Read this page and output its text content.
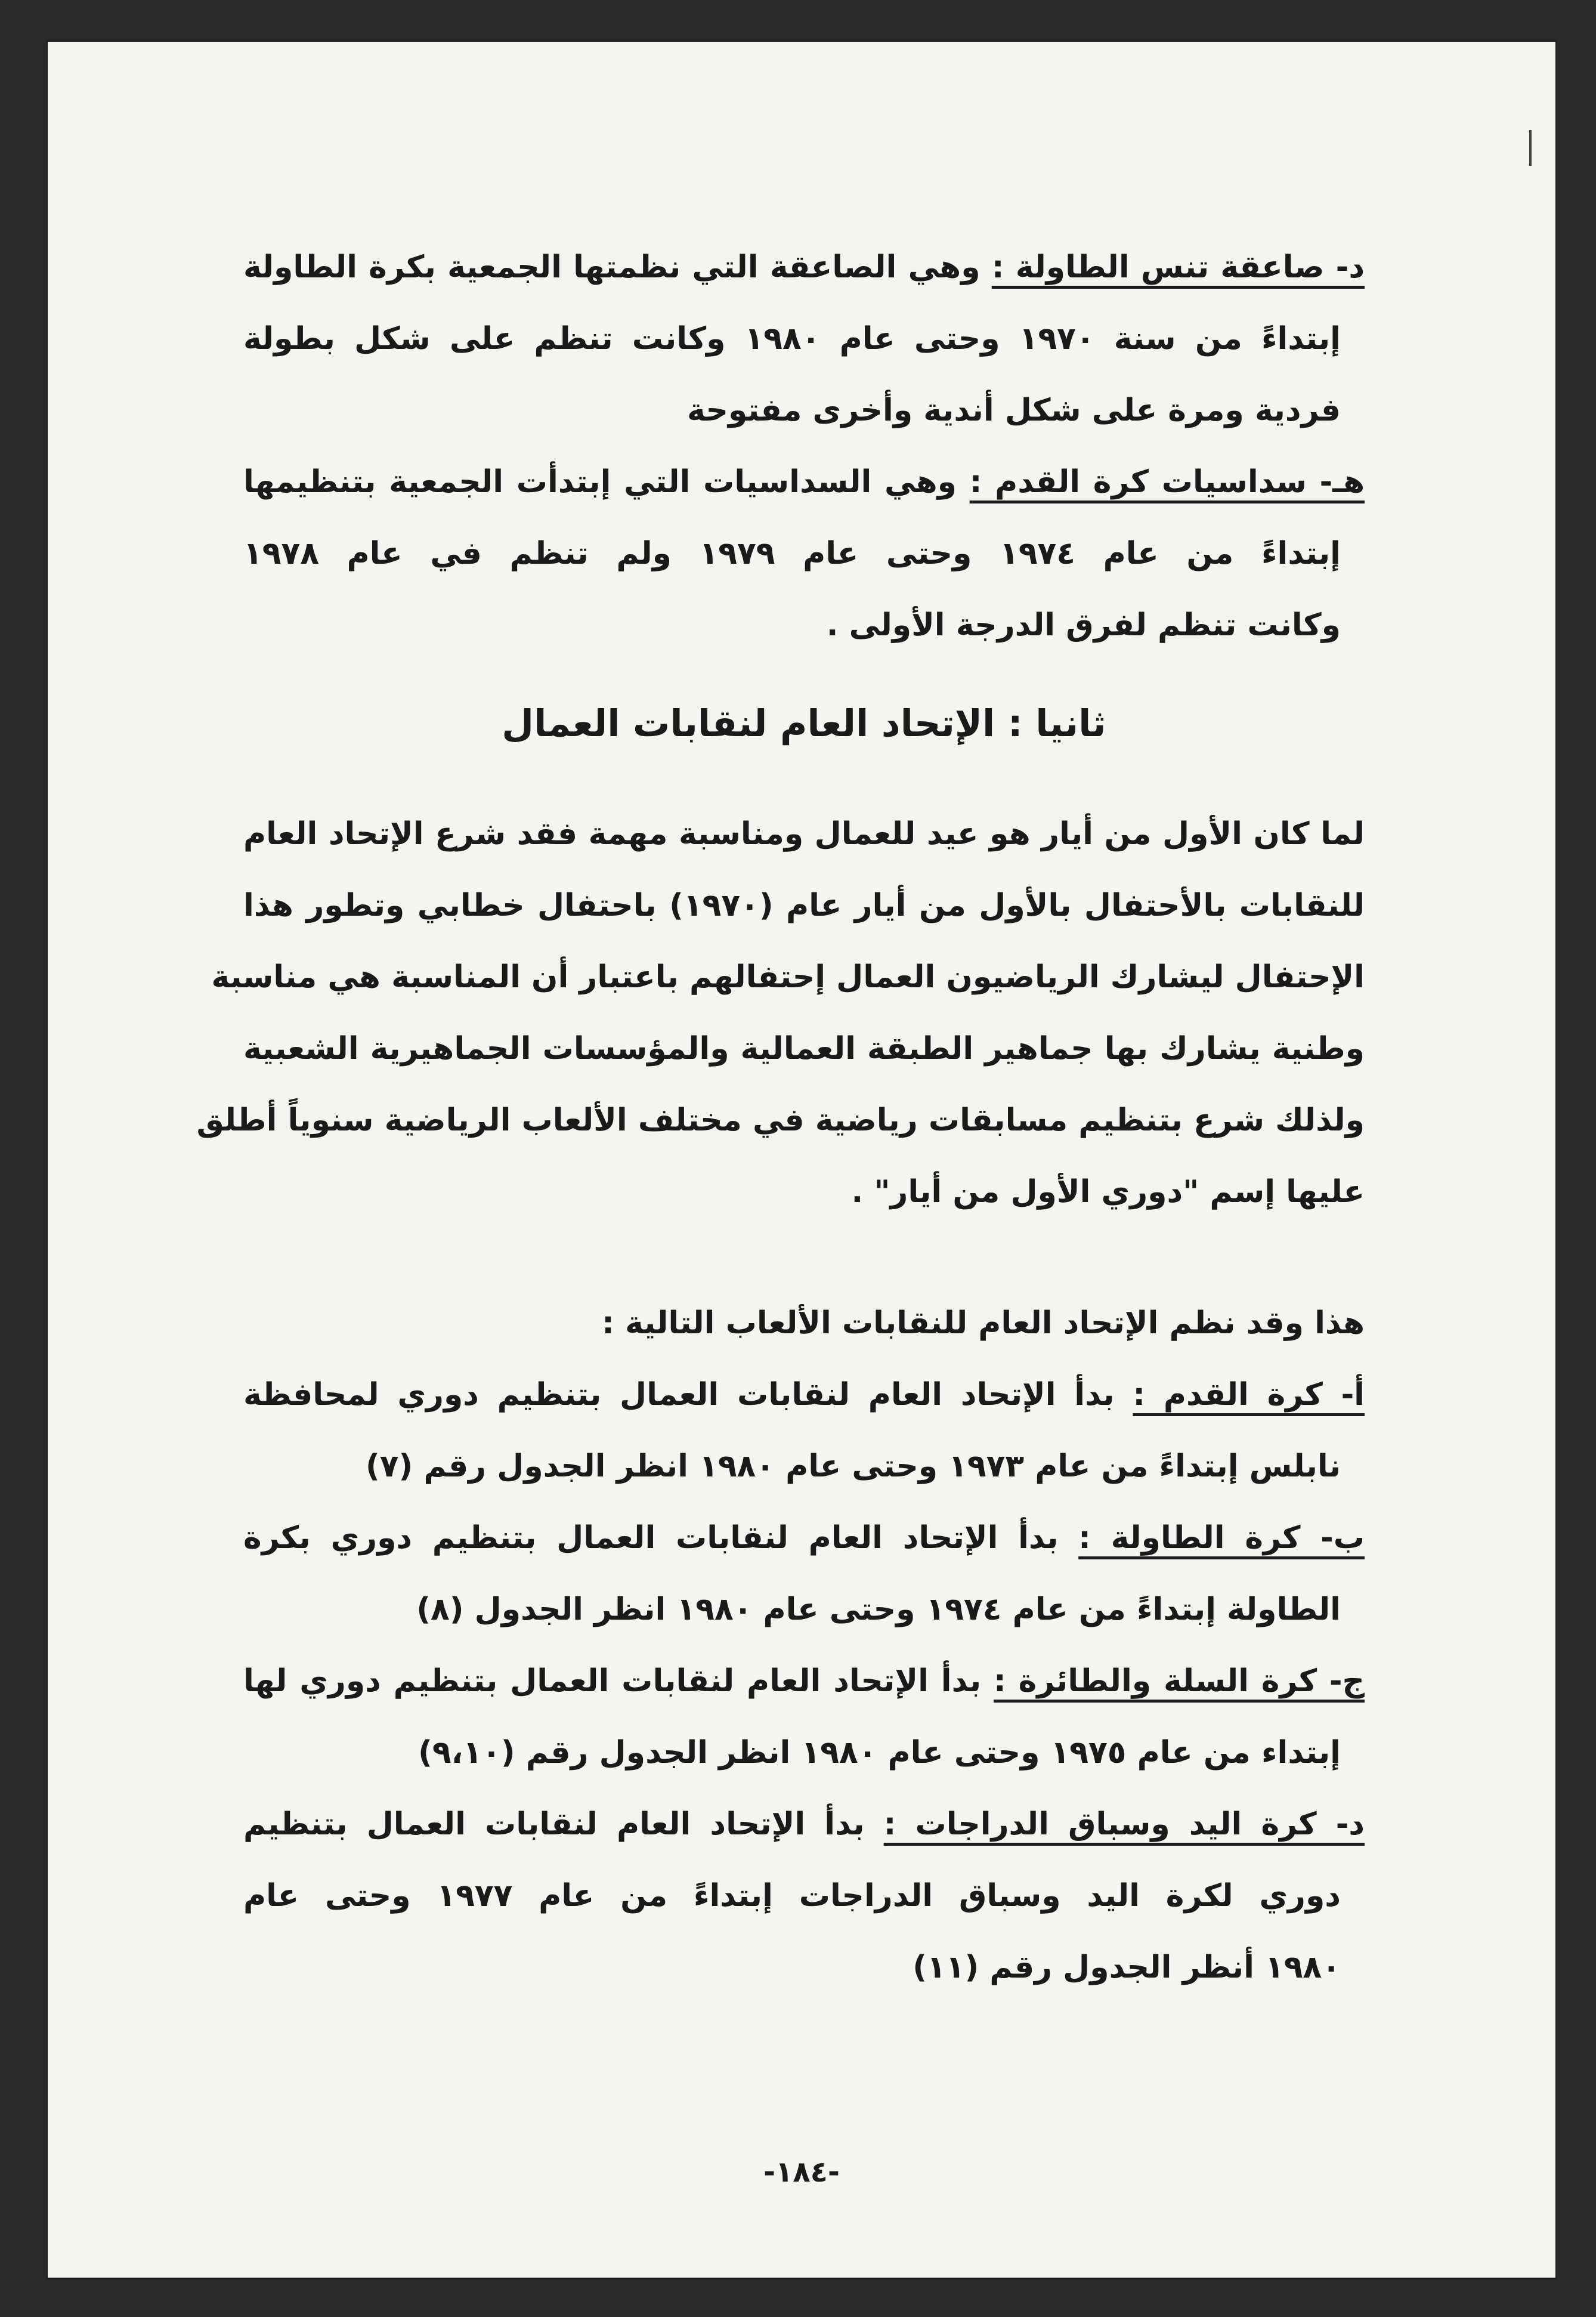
د- صاعقة تنس الطاولة : وهي الصاعقة التي نظمتها الجمعية بكرة الطاولة
إبتداءً من سنة ١٩٧٠ وحتى عام ١٩٨٠ وكانت تنظم على شكل بطولة
فردية ومرة على شكل أندية وأخرى مفتوحة
هـ- سداسيات كرة القدم : وهي السداسيات التي إبتدأت الجمعية بتنظيمها
إبتداءً من عام ١٩٧٤ وحتى عام ١٩٧٩ ولم تنظم في عام ١٩٧٨
وكانت تنظم لفرق الدرجة الأولى .
ثانيا : الإتحاد العام لنقابات العمال
لما كان الأول من أيار هو عيد للعمال ومناسبة مهمة فقد شرع الإتحاد العام
للنقابات بالأحتفال بالأول من أيار عام (١٩٧٠) باحتفال خطابي وتطور هذا
الإحتفال ليشارك الرياضيون العمال إحتفالهم باعتبار أن المناسبة هي مناسبة
وطنية يشارك بها جماهير الطبقة العمالية والمؤسسات الجماهيرية الشعبية
ولذلك شرع بتنظيم مسابقات رياضية في مختلف الألعاب الرياضية سنوياً أطلق
عليها إسم "دوري الأول من أيار" .
هذا وقد نظم الإتحاد العام للنقابات الألعاب التالية :
أ- كرة القدم : بدأ الإتحاد العام لنقابات العمال بتنظيم دوري لمحافظة
نابلس إبتداءً من عام ١٩٧٣ وحتى عام ١٩٨٠ انظر الجدول رقم (٧)
ب- كرة الطاولة : بدأ الإتحاد العام لنقابات العمال بتنظيم دوري بكرة
الطاولة إبتداءً من عام ١٩٧٤ وحتى عام ١٩٨٠ انظر الجدول (٨)
ج- كرة السلة والطائرة : بدأ الإتحاد العام لنقابات العمال بتنظيم دوري لها
إبتداء من عام ١٩٧٥ وحتى عام ١٩٨٠ انظر الجدول رقم (٩،١٠)
د- كرة اليد وسباق الدراجات : بدأ الإتحاد العام لنقابات العمال بتنظيم
دوري لكرة اليد وسباق الدراجات إبتداءً من عام ١٩٧٧ وحتى عام
١٩٨٠ أنظر الجدول رقم (١١)
-١٨٤-
